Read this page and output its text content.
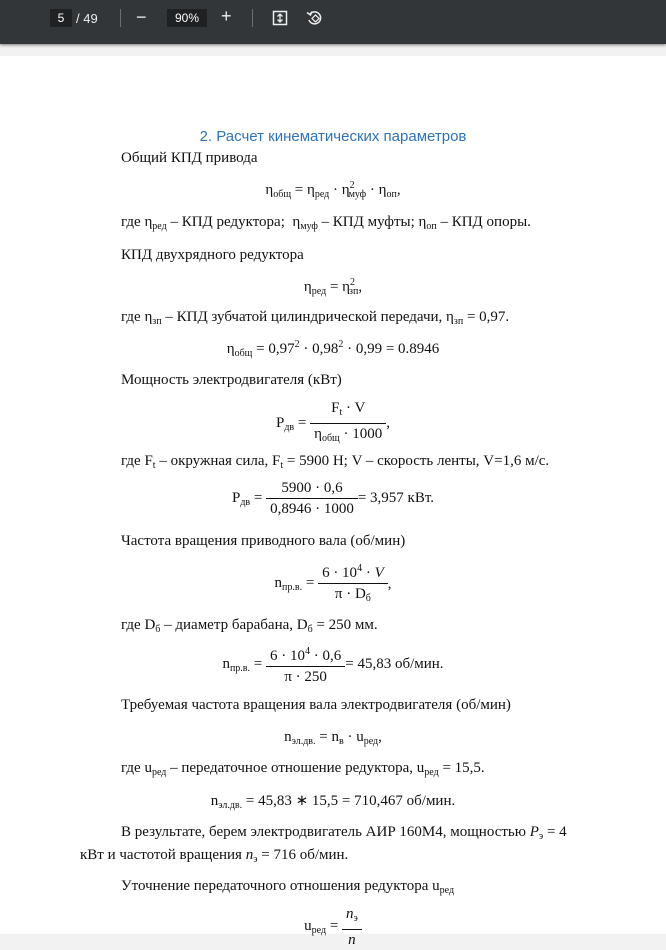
5 / 49 −	90%	+
2. Расчет кинематических параметров
Общий КПД привода
$\eta_{общ} = \eta_{ред} \cdot \eta^2_{муф} \cdot \eta_{оп}$,
где $\eta_{ред}$ – КПД редуктора;  $\eta_{муф}$ – КПД муфты; $\eta_{оп}$ – КПД опоры.
КПД двухрядного редуктора
$\eta_{ред} = \eta^2_{зп}$,
где $\eta_{зп}$ – КПД зубчатой цилиндрической передачи, $\eta_{зп} = 0,97$.
$\eta_{общ} = 0,97^2 \cdot 0,98^2 \cdot 0,99 = 0.8946$
Мощность электродвигателя (кВт)
$P_{дв} = \frac{F_t \cdot V}{\eta_{общ} \cdot 1000}$ ,
где $F_t$ – окружная сила, $F_t = 5900$ Н; V – скорость ленты, V=1,6 м/с.
$P_{дв} = \frac{5900 \cdot 0,6}{0,8946 \cdot 1000} = 3,957$ кВт.
Частота вращения приводного вала (об/мин)
$n_{пр.в.} = \frac{6 \cdot 10^4 \cdot V}{\pi \cdot D_б}$ ,
где $D_б$ – диаметр барабана, $D_б = 250$ мм.
$n_{пр.в.} = \frac{6 \cdot 10^4 \cdot 0,6}{\pi \cdot 250} = 45,83$ об/мин.
Требуемая частота вращения вала электродвигателя (об/мин)
$n_{эл.дв.} = n_в \cdot u_{ред}$,
где $u_{ред}$ – передаточное отношение редуктора, $u_{ред} = 15,5$.
$n_{эл.дв.} = 45,83$ ∗ 15,5 = 710,467 об/мин.
В результате, берем электродвигатель АИР 160М4, мощностью $P_э = 4$
кВт и частотой вращения $n_э = 716$ об/мин.
Уточнение передаточного отношения редуктора $u_{ред}$
$u_{ред} = \frac{n_э}{n}$
